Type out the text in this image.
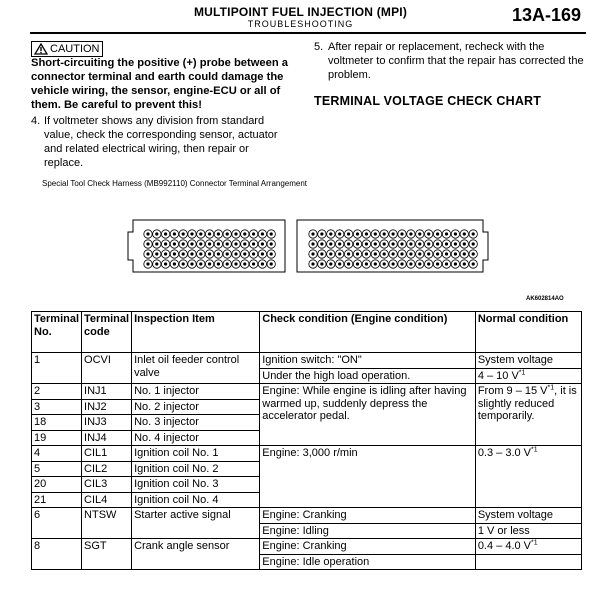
MULTIPOINT FUEL INJECTION (MPI)
TROUBLESHOOTING	13A-169
CAUTION
Short-circuiting the positive (+) probe between a connector terminal and earth could damage the vehicle wiring, the sensor, engine-ECU or all of them. Be careful to prevent this!
4. If voltmeter shows any division from standard value, check the corresponding sensor, actuator and related electrical wiring, then repair or replace.
5. After repair or replacement, recheck with the voltmeter to confirm that the repair has corrected the problem.
TERMINAL VOLTAGE CHECK CHART
Special Tool Check Harness (MB992110) Connector Terminal Arrangement
AK602814AO
Terminal No.	Terminal code	Inspection Item	Check condition (Engine condition)	Normal condition
1	OCVI	Inlet oil feeder control valve	Ignition switch: "ON"	System voltage
			Under the high load operation.	4 – 10 $V^{*1}$
2	INJ1	No. 1 injector	Engine: While engine is idling after having warmed up, suddenly depress the accelerator pedal.	From 9 – 15 $V^{*1}$, it is slightly reduced temporarily.
3	INJ2	No. 2 injector		
18	INJ3	No. 3 injector		
19	INJ4	No. 4 injector		
4	CIL1	Ignition coil No. 1	Engine: 3,000 r/min	0.3 – 3.0 $V^{*1}$
5	CIL2	Ignition coil No. 2		
20	CIL3	Ignition coil No. 3		
21	CIL4	Ignition coil No. 4		
6	NTSW	Starter active signal	Engine: Cranking	System voltage
			Engine: Idling	1 V or less
8	SGT	Crank angle sensor	Engine: Cranking	0.4 – 4.0 $V^{*1}$
			Engine: Idle operation	
